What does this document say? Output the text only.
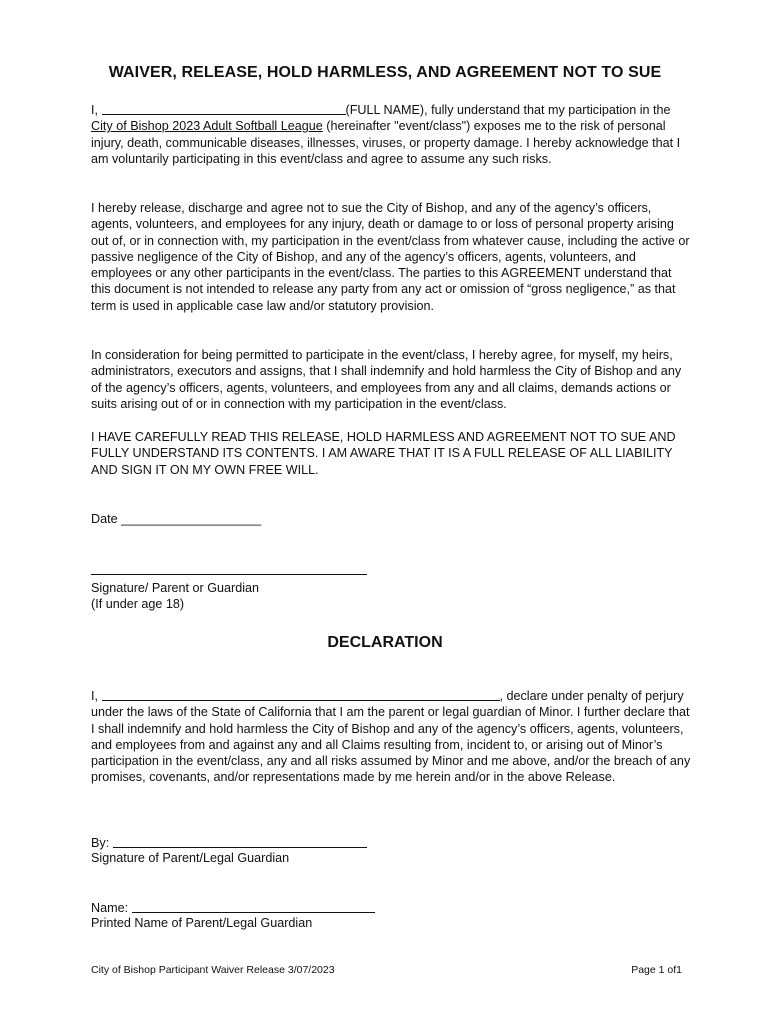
WAIVER, RELEASE, HOLD HARMLESS, AND AGREEMENT NOT TO SUE

I,	(FULL NAME), fully understand that my participation in the City of Bishop 2023 Adult Softball League (hereinafter "event/class") exposes me to the risk of personal injury, death, communicable diseases, illnesses, viruses, or property damage. I hereby acknowledge that I am voluntarily participating in this event/class and agree to assume any such risks.

I hereby release, discharge and agree not to sue the City of Bishop, and any of the agency’s officers, agents, volunteers, and employees for any injury, death or damage to or loss of personal property arising out of, or in connection with, my participation in the event/class from whatever cause, including the active or passive negligence of the City of Bishop, and any of the agency’s officers, agents, volunteers, and employees or any other participants in the event/class. The parties to this AGREEMENT understand that this document is not intended to release any party from any act or omission of “gross negligence,” as that term is used in applicable case law and/or statutory provision.

In consideration for being permitted to participate in the event/class, I hereby agree, for myself, my heirs, administrators, executors and assigns, that I shall indemnify and hold harmless the City of Bishop and any of the agency’s officers, agents, volunteers, and employees from any and all claims, demands actions or suits arising out of or in connection with my participation in the event/class.

I HAVE CAREFULLY READ THIS RELEASE, HOLD HARMLESS AND AGREEMENT NOT TO SUE AND FULLY UNDERSTAND ITS CONTENTS. I AM AWARE THAT IT IS A FULL RELEASE OF ALL LIABILITY AND SIGN IT ON MY OWN FREE WILL.

Date ____________________
Signature/ Parent or Guardian
(If under age 18)
DECLARATION

I,	, declare under penalty of perjury under the laws of the State of California that I am the parent or legal guardian of Minor. I further declare that I shall indemnify and hold harmless the City of Bishop and any of the agency’s officers, agents, volunteers, and employees from and against any and all Claims resulting from, incident to, or arising out of Minor’s participation in the event/class, any and all risks assumed by Minor and me above, and/or the breach of any promises, covenants, and/or representations made by me herein and/or in the above Release.

By:
Signature of Parent/Legal Guardian
Name:
Printed Name of Parent/Legal Guardian
City of Bishop Participant Waiver Release 3/07/2023	Page 1 of1
